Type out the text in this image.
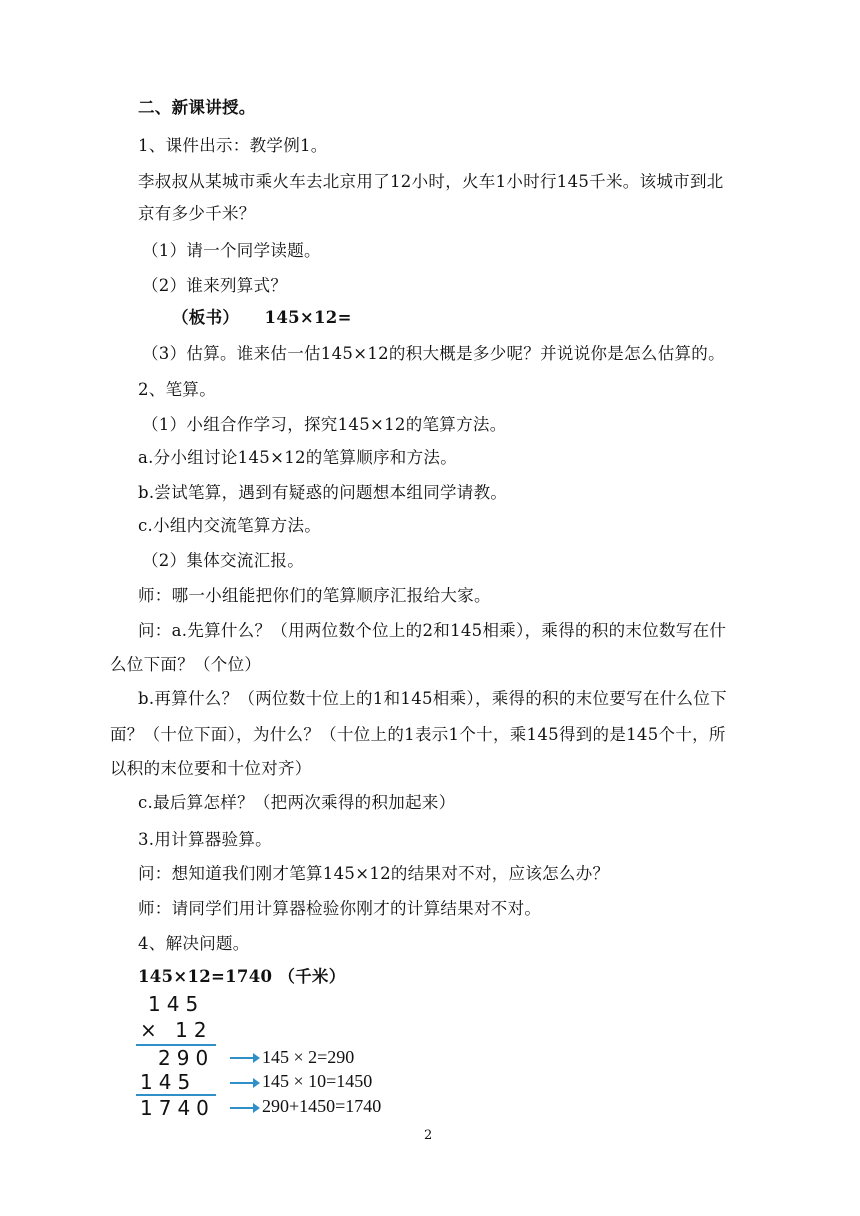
二、新课讲授。
1、课件出示：教学例1。
李叔叔从某城市乘火车去北京用了12小时，火车1小时行145千米。该城市到北
京有多少千米？
（1）请一个同学读题。
（2）谁来列算式？
（板书）　　145×12=
（3）估算。谁来估一估145×12的积大概是多少呢？并说说你是怎么估算的。
2、笔算。
（1）小组合作学习，探究145×12的笔算方法。
a.分小组讨论145×12的笔算顺序和方法。
b.尝试笔算，遇到有疑惑的问题想本组同学请教。
c.小组内交流笔算方法。
（2）集体交流汇报。
师：哪一小组能把你们的笔算顺序汇报给大家。
问：a.先算什么？（用两位数个位上的2和145相乘），乘得的积的末位数写在什
么位下面？（个位）
b.再算什么？（两位数十位上的1和145相乘），乘得的积的末位要写在什么位下
面？（十位下面），为什么？（十位上的1表示1个十，乘145得到的是145个十，所
以积的末位要和十位对齐）
c.最后算怎样？（把两次乘得的积加起来）
3.用计算器验算。
问：想知道我们刚才笔算145×12的结果对不对，应该怎么办？
师：请同学们用计算器检验你刚才的计算结果对不对。
4、解决问题。
145×12=1740 （千米）
145
× 12
290
145
1740
145 × 2=290
145 × 10=1450
290+1450=1740
2
